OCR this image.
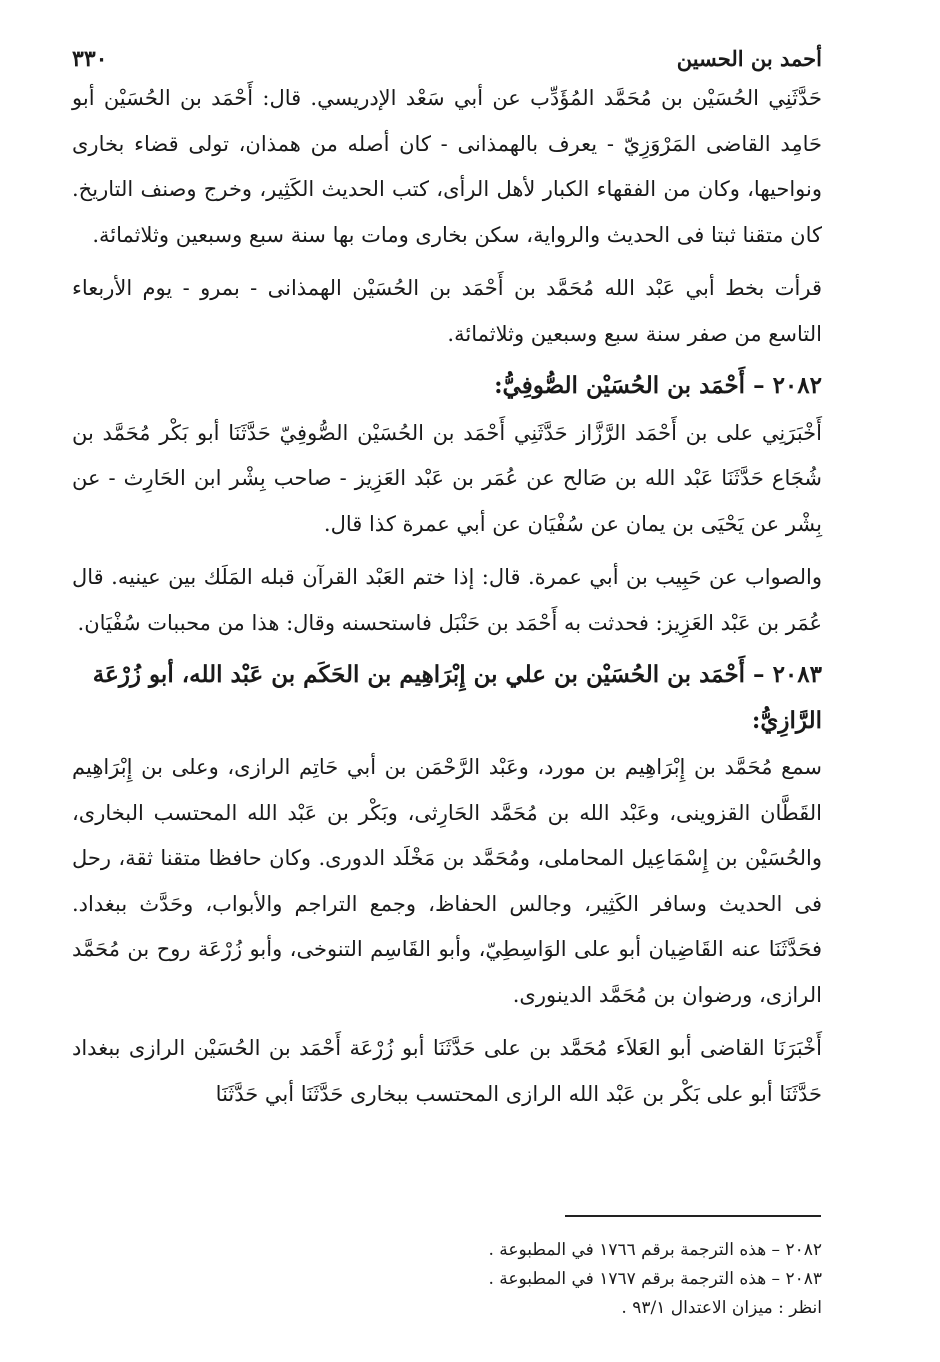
أحمد بن الحسين
٣٣٠

حَدَّثَنِي الحُسَيْن بن مُحَمَّد المُؤَدِّب عن أبي سَعْد الإدريسي. قال: أَحْمَد بن الحُسَيْن أبو حَامِد القاضى المَرْوَزِيّ - يعرف بالهمذانى - كان أصله من همذان، تولى قضاء بخارى ونواحيها، وكان من الفقهاء الكبار لأهل الرأى، كتب الحديث الكَثِير، وخرج وصنف التاريخ. كان متقنا ثبتا فى الحديث والرواية، سكن بخارى ومات بها سنة سبع وسبعين وثلاثمائة.

قرأت بخط أبي عَبْد الله مُحَمَّد بن أَحْمَد بن الحُسَيْن الهمذانى - بمرو - يوم الأربعاء التاسع من صفر سنة سبع وسبعين وثلاثمائة.

٢٠٨٢ – أَحْمَد بن الحُسَيْن الصُّوفِيُّ:

أَخْبَرَنِي على بن أَحْمَد الرَّزَّاز حَدَّثَنِي أَحْمَد بن الحُسَيْن الصُّوفِيّ حَدَّثَنَا أبو بَكْر مُحَمَّد بن شُجَاع حَدَّثَنَا عَبْد الله بن صَالح عن عُمَر بن عَبْد العَزِيز - صاحب بِشْر ابن الحَارِث - عن بِشْر عن يَحْيَى بن يمان عن سُفْيَان عن أبي عمرة كذا قال.

والصواب عن حَبِيب بن أبي عمرة. قال: إذا ختم العَبْد القرآن قبله المَلَك بين عينيه. قال عُمَر بن عَبْد العَزِيز: فحدثت به أَحْمَد بن حَنْبَل فاستحسنه وقال: هذا من محببات سُفْيَان.

٢٠٨٣ – أَحْمَد بن الحُسَيْن بن علي بن إِبْرَاهِيم بن الحَكَم بن عَبْد الله، أبو زُرْعَة الرَّازِيُّ:

سمع مُحَمَّد بن إِبْرَاهِيم بن مورد، وعَبْد الرَّحْمَن بن أبي حَاتِم الرازى، وعلى بن إِبْرَاهِيم القَطَّان القزوينى، وعَبْد الله بن مُحَمَّد الحَارِثى، وبَكْر بن عَبْد الله المحتسب البخارى، والحُسَيْن بن إِسْمَاعِيل المحاملى، ومُحَمَّد بن مَخْلَد الدورى. وكان حافظا متقنا ثقة، رحل فى الحديث وسافر الكَثِير، وجالس الحفاظ، وجمع التراجم والأبواب، وحَدَّث ببغداد. فحَدَّثَنَا عنه القَاضِيان أبو على الوَاسِطِيّ، وأبو القَاسِم التنوخى، وأبو زُرْعَة روح بن مُحَمَّد الرازى، ورضوان بن مُحَمَّد الدينورى.

أَخْبَرَنَا القاضى أبو العَلاَء مُحَمَّد بن على حَدَّثَنَا أبو زُرْعَة أَحْمَد بن الحُسَيْن الرازى ببغداد حَدَّثَنَا أبو على بَكْر بن عَبْد الله الرازى المحتسب ببخارى حَدَّثَنَا أبي حَدَّثَنَا

٢٠٨٢ – هذه الترجمة برقم ١٧٦٦ في المطبوعة .

٢٠٨٣ – هذه الترجمة برقم ١٧٦٧ في المطبوعة .

انظر : ميزان الاعتدال ٩٣/١ .
